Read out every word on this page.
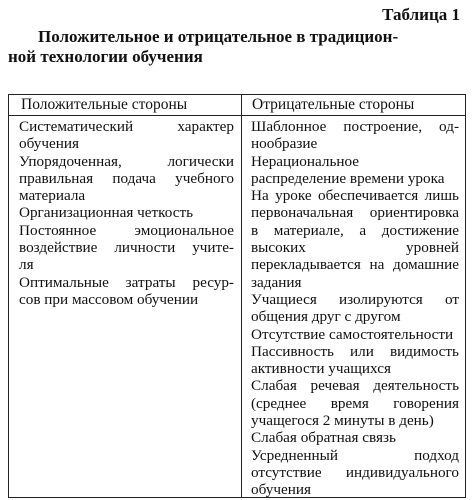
Таблица 1
Положительное и отрицательное в традицион-
ной технологии обучения
Положительные стороны	Отрицательные стороны
Систематический характер
обучения
Упорядоченная, логически
правильная подача учебного
материала
Организационная четкость
Постоянное эмоциональное
воздействие личности учите-
ля
Оптимальные затраты ресур-
сов при массовом обучении
Шаблонное построение, од-
нообразие
Нерациональное
распределение времени урока
На уроке обеспечивается лишь
первоначальная ориентировка
в материале, а достижение
высоких уровней
перекладывается на домашние
задания
Учащиеся изолируются от
общения друг с другом
Отсутствие самостоятельности
Пассивность или видимость
активности учащихся
Слабая речевая деятельность
(среднее время говорения
учащегося 2 минуты в день)
Слабая обратная связь
Усредненный подход
отсутствие индивидуального
обучения
